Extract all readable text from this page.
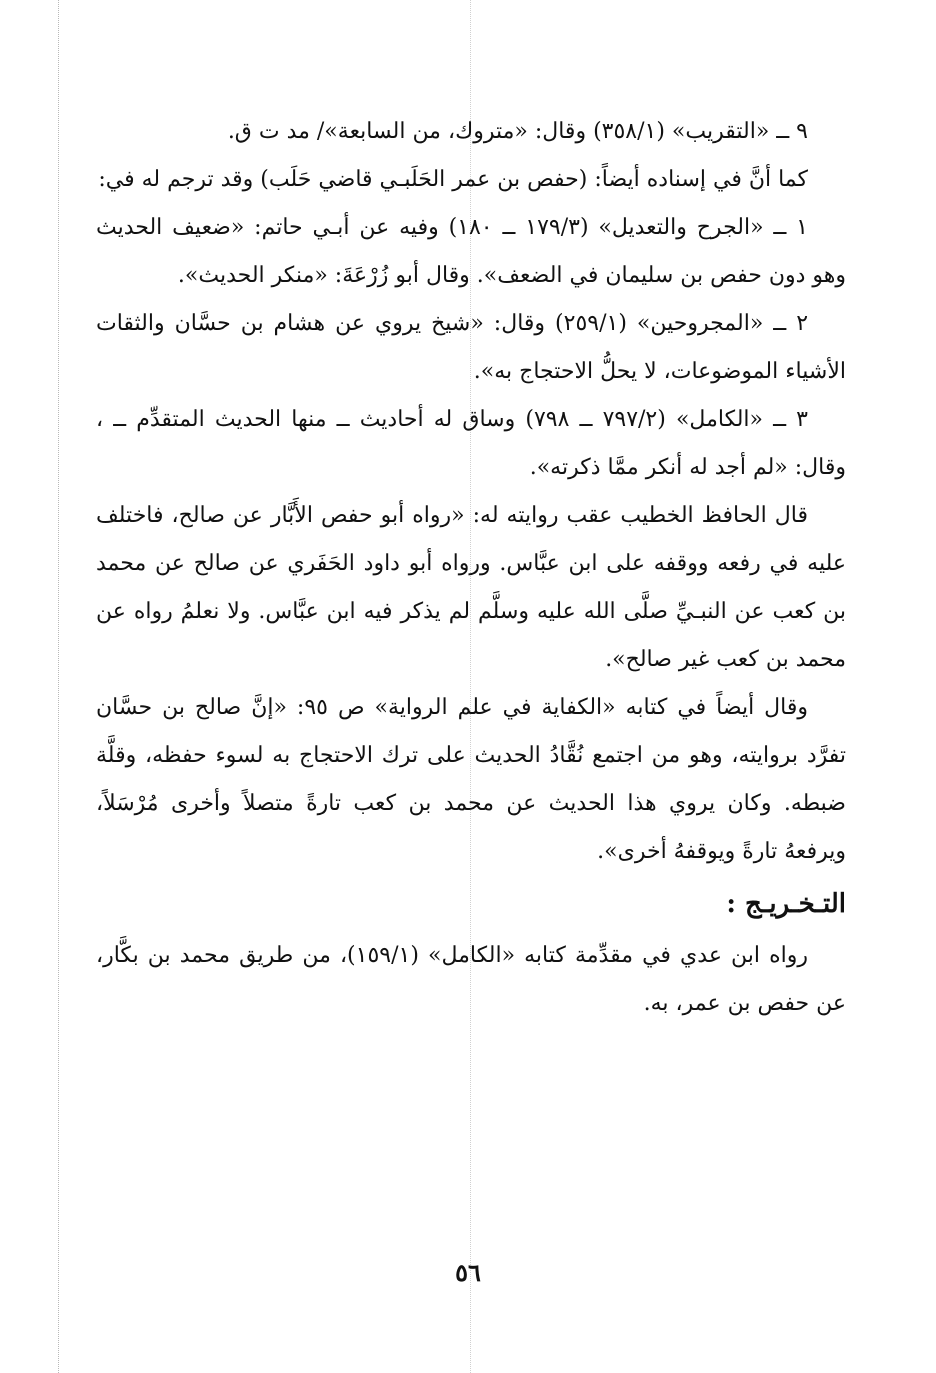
٩ ــ «التقريب» (٣٥٨/١) وقال: «متروك، من السابعة»/ مد ت ق.

كما أنَّ في إسناده أيضاً: (حفص بن عمر الحَلَبـي قاضي حَلَب) وقد ترجم له في:

١ ــ «الجرح والتعديل» (١٧٩/٣ ــ ١٨٠) وفيه عن أبـي حاتم: «ضعيف الحديث وهو دون حفص بن سليمان في الضعف». وقال أبو زُرْعَةَ: «منكر الحديث».

٢ ــ «المجروحين» (٢٥٩/١) وقال: «شيخ يروي عن هشام بن حسَّان والثقات الأشياء الموضوعات، لا يحلُّ الاحتجاج به».

٣ ــ «الكامل» (٧٩٧/٢ ــ ٧٩٨) وساق له أحاديث ــ منها الحديث المتقدِّم ــ ، وقال: «لم أجد له أنكر ممَّا ذكرته».

قال الحافظ الخطيب عقب روايته له: «رواه أبو حفص الأَبَّار عن صالح، فاختلف عليه في رفعه ووقفه على ابن عبَّاس. ورواه أبو داود الحَفَري عن صالح عن محمد بن كعب عن النبـيِّ صلَّى الله عليه وسلَّم لم يذكر فيه ابن عبَّاس. ولا نعلمُ رواه عن محمد بن كعب غير صالح».

وقال أيضاً في كتابه «الكفاية في علم الرواية» ص ٩٥: «إنَّ صالح بن حسَّان تفرَّد بروايته، وهو من اجتمع نُقَّادُ الحديث على ترك الاحتجاج به لسوء حفظه، وقلَّة ضبطه. وكان يروي هذا الحديث عن محمد بن كعب تارةً متصلاً وأخرى مُرْسَلاً، ويرفعهُ تارةً ويوقفهُ أخرى».

التـخـريـج :

رواه ابن عدي في مقدِّمة كتابه «الكامل» (١٥٩/١)، من طريق محمد بن بكَّار، عن حفص بن عمر، به.

٥٦
